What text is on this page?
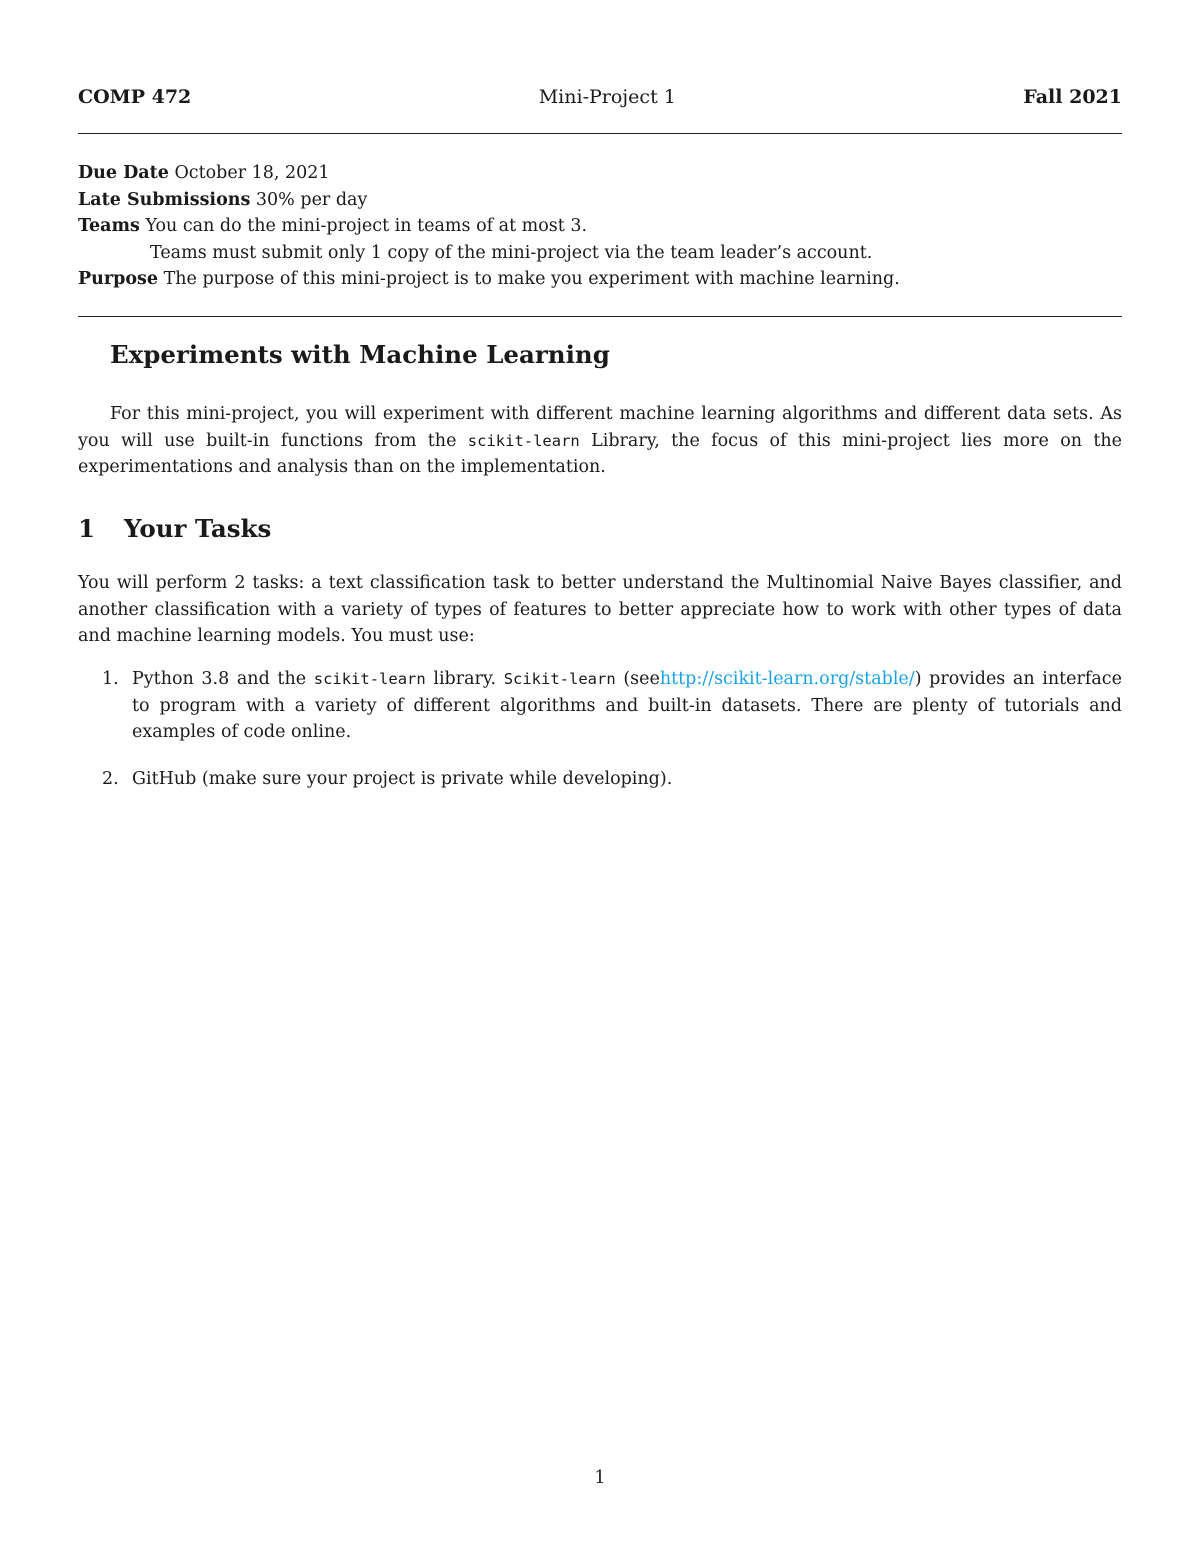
COMP 472	Mini-Project 1	Fall 2021
Due Date October 18, 2021
Late Submissions 30% per day
Teams You can do the mini-project in teams of at most 3.
Teams must submit only 1 copy of the mini-project via the team leader’s account.
Purpose The purpose of this mini-project is to make you experiment with machine learning.
Experiments with Machine Learning
For this mini-project, you will experiment with different machine learning algorithms and different data sets. As you will use built-in functions from the scikit-learn Library, the focus of this mini-project lies more on the experimentations and analysis than on the implementation.
1 Your Tasks
You will perform 2 tasks: a text classification task to better understand the Multinomial Naive Bayes classifier, and another classification with a variety of types of features to better appreciate how to work with other types of data and machine learning models. You must use:
1. Python 3.8 and the scikit-learn library. Scikit-learn (seehttp://scikit-learn.org/stable/) provides an interface to program with a variety of different algorithms and built-in datasets. There are plenty of tutorials and examples of code online.
2. GitHub (make sure your project is private while developing).
1
